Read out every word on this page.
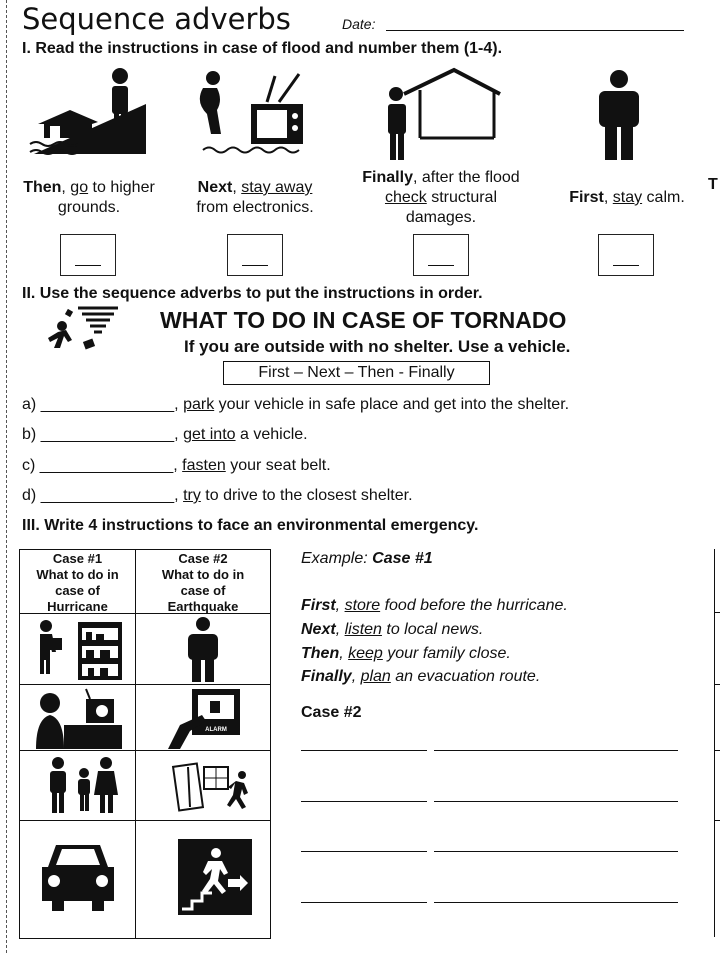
Sequence adverbs	Date:
I. Read the instructions in case of flood and number them (1-4).
Then, go to higher grounds.
Next, stay away from electronics.
Finally, after the flood check structural damages.
First, stay calm.
T
II. Use the sequence adverbs to put the instructions in order.
WHAT TO DO IN CASE OF TORNADO
If you are outside with no shelter. Use a vehicle.
First – Next – Then - Finally
a) _______________, park your vehicle in safe place and get into the shelter.
b) _______________, get into a vehicle.
c) _______________, fasten your seat belt.
d) _______________, try to drive to the closest shelter.
III. Write 4 instructions to face an environmental emergency.
Case #1
What to do in
case of
Hurricane
Case #2
What to do in
case of
Earthquake
ALARM
Example: Case #1
First, store food before the hurricane.
Next, listen to local news.
Then, keep your family close.
Finally, plan an evacuation route.
Case #2
